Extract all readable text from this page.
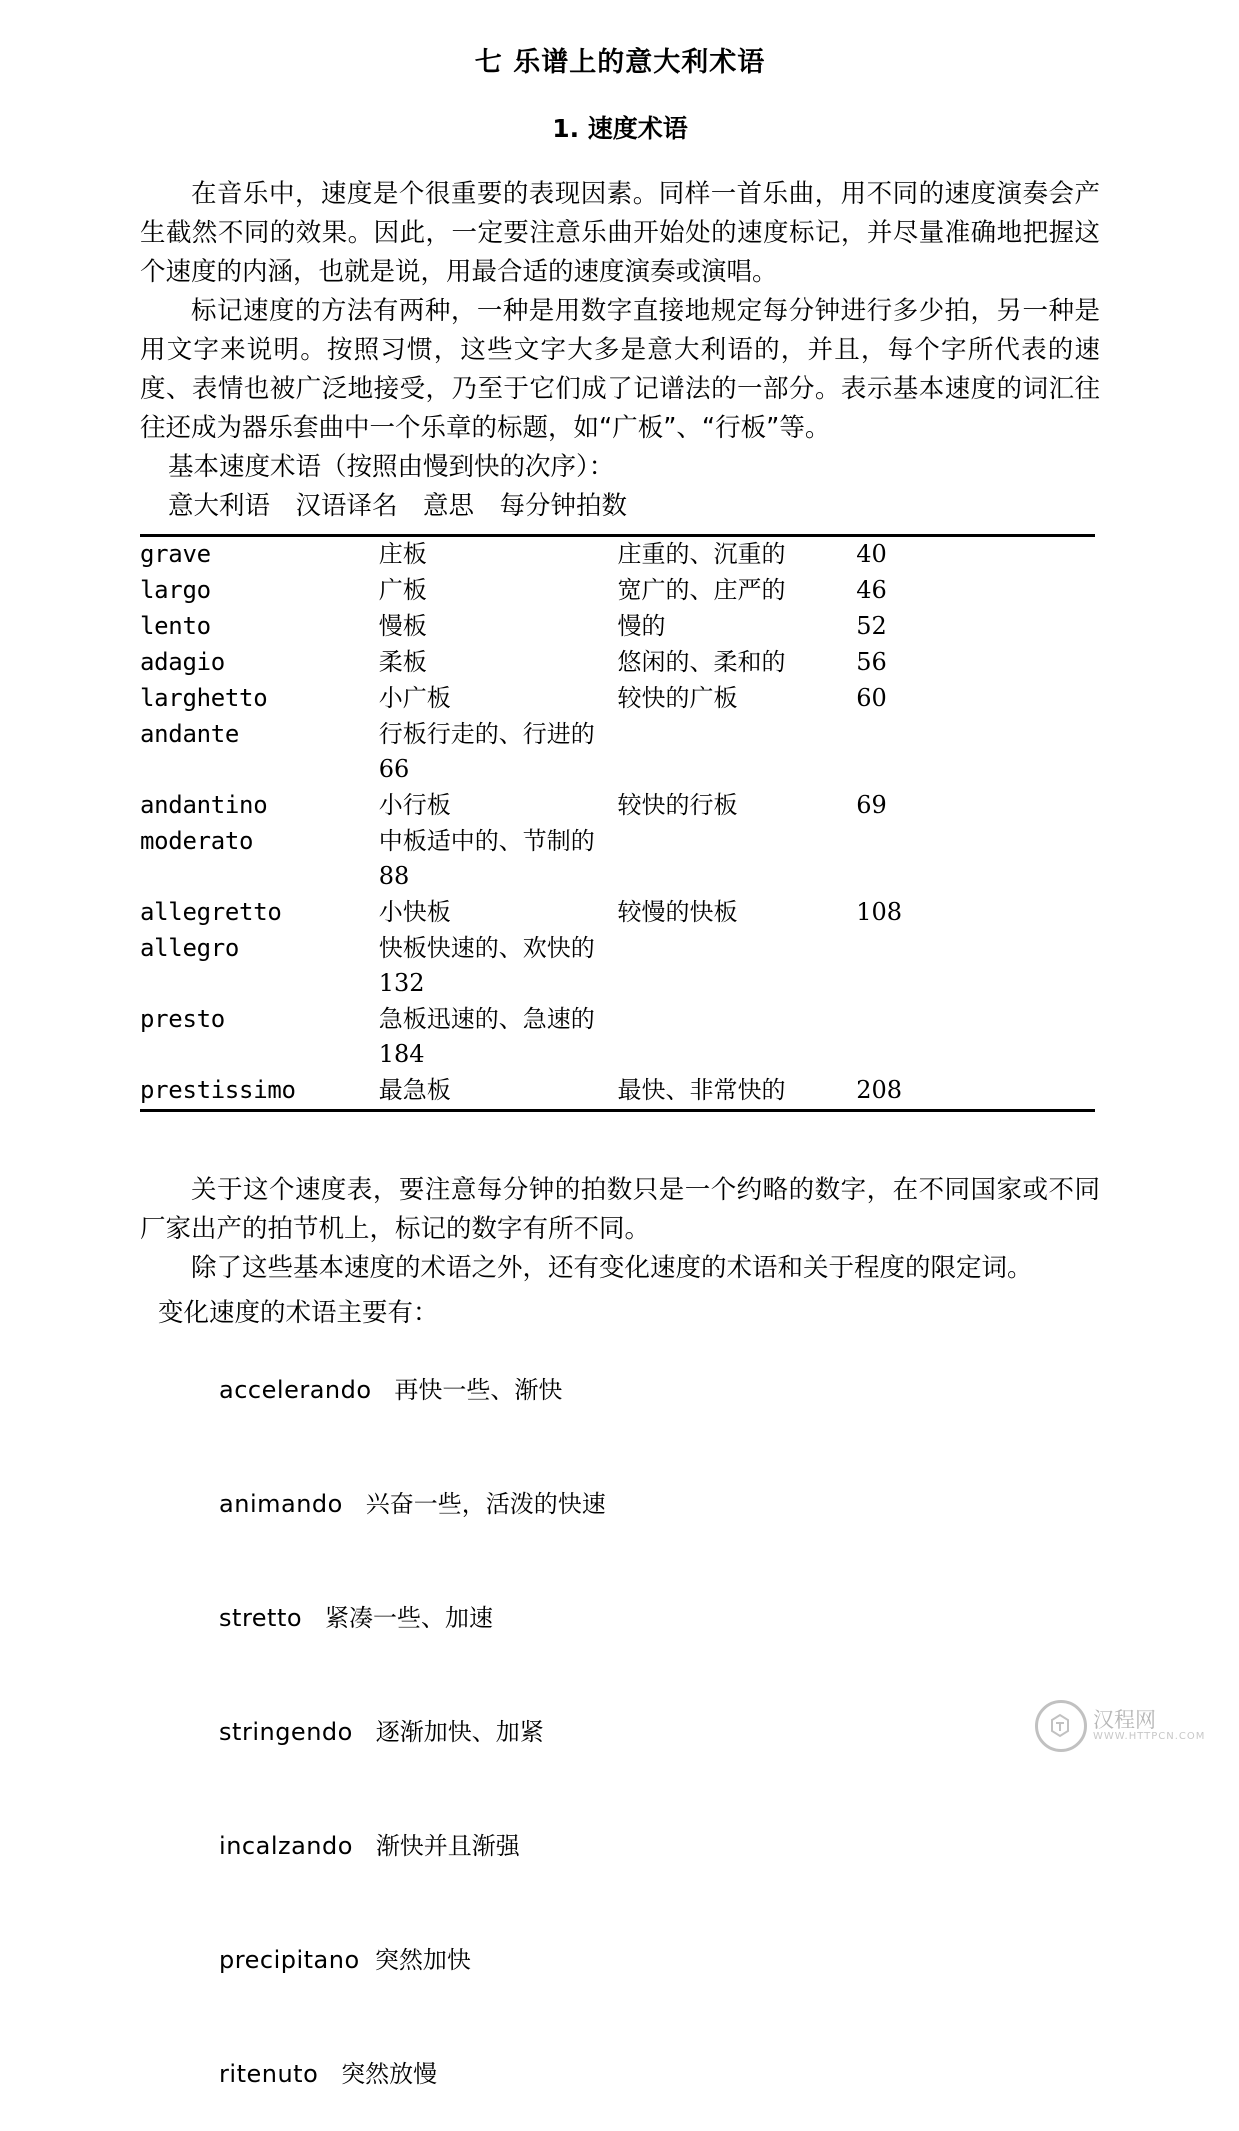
七 乐谱上的意大利术语
1. 速度术语

在音乐中，速度是个很重要的表现因素。同样一首乐曲，用不同的速度演奏会产生截然不同的效果。因此，一定要注意乐曲开始处的速度标记，并尽量准确地把握这个速度的内涵，也就是说，用最合适的速度演奏或演唱。

标记速度的方法有两种，一种是用数字直接地规定每分钟进行多少拍，另一种是用文字来说明。按照习惯，这些文字大多是意大利语的，并且，每个字所代表的速度、表情也被广泛地接受，乃至于它们成了记谱法的一部分。表示基本速度的词汇往往还成为器乐套曲中一个乐章的标题，如“广板”、“行板”等。

基本速度术语（按照由慢到快的次序）：

意大利语　汉语译名　意思　每分钟拍数

grave	庄板	庄重的、沉重的	40
largo	广板	宽广的、庄严的	46
lento	慢板	慢的	52
adagio	柔板	悠闲的、柔和的	56
larghetto	小广板	较快的广板	60
andante	行板行走的、行进的 66		
andantino	小行板	较快的行板	69
moderato	中板适中的、节制的 88		
allegretto	小快板	较慢的快板	108
allegro	快板快速的、欢快的 132		
presto	急板迅速的、急速的 184		
prestissimo	最急板	最快、非常快的	208

关于这个速度表，要注意每分钟的拍数只是一个约略的数字，在不同国家或不同厂家出产的拍节机上，标记的数字有所不同。

除了这些基本速度的术语之外，还有变化速度的术语和关于程度的限定词。

变化速度的术语主要有：

accelerando 再快一些、渐快

animando 兴奋一些，活泼的快速

stretto 紧凑一些、加速

stringendo 逐渐加快、加紧

incalzando 渐快并且渐强

precipitano 突然加快

ritenuto 突然放慢

汉程网
WWW.HTTPCN.COM
